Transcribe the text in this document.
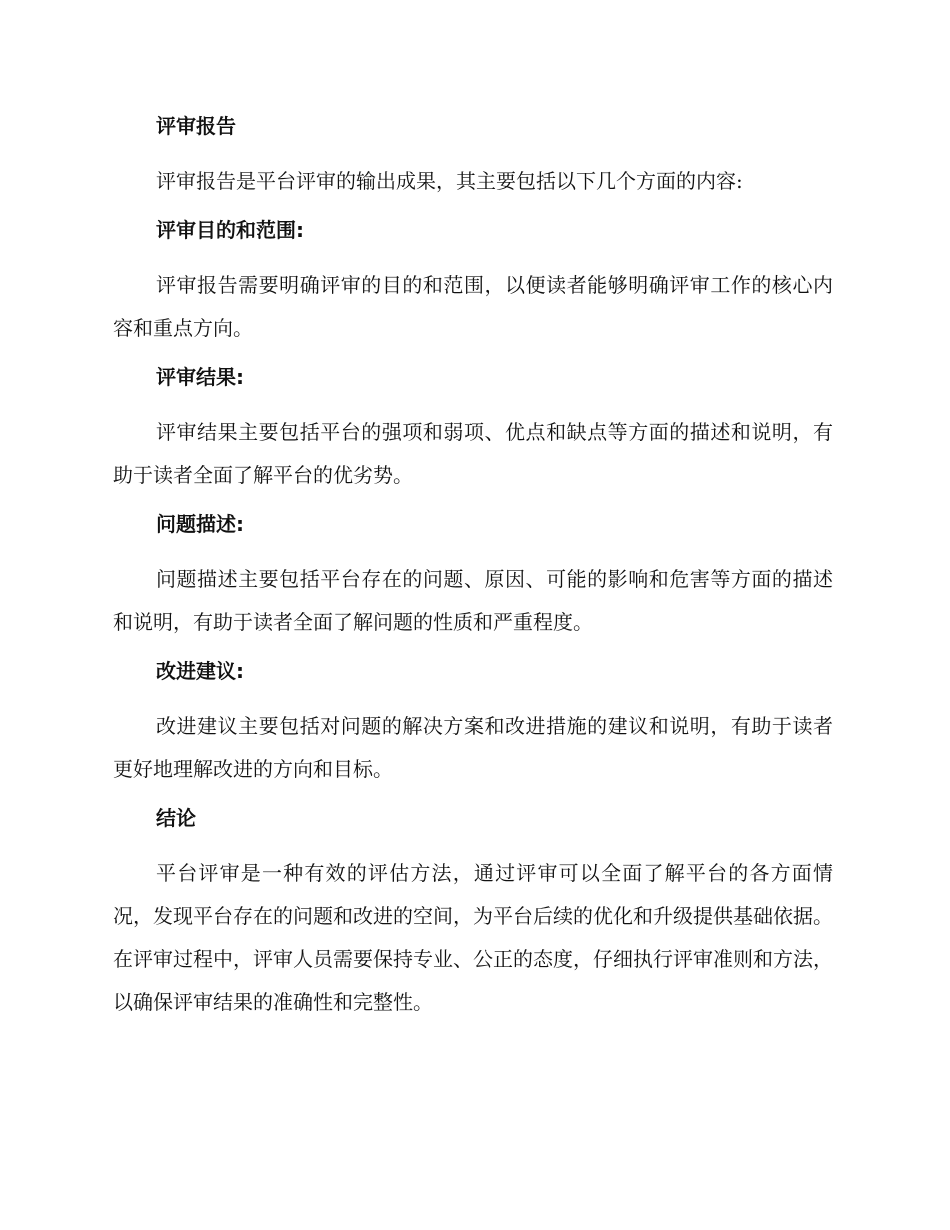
评审报告

评审报告是平台评审的输出成果，其主要包括以下几个方面的内容:

评审目的和范围:

评审报告需要明确评审的目的和范围，以便读者能够明确评审工作的核心内容和重点方向。

评审结果:

评审结果主要包括平台的强项和弱项、优点和缺点等方面的描述和说明，有助于读者全面了解平台的优劣势。

问题描述:

问题描述主要包括平台存在的问题、原因、可能的影响和危害等方面的描述和说明，有助于读者全面了解问题的性质和严重程度。

改进建议:

改进建议主要包括对问题的解决方案和改进措施的建议和说明，有助于读者更好地理解改进的方向和目标。

结论

平台评审是一种有效的评估方法，通过评审可以全面了解平台的各方面情况，发现平台存在的问题和改进的空间，为平台后续的优化和升级提供基础依据。在评审过程中，评审人员需要保持专业、公正的态度，仔细执行评审准则和方法，以确保评审结果的准确性和完整性。
